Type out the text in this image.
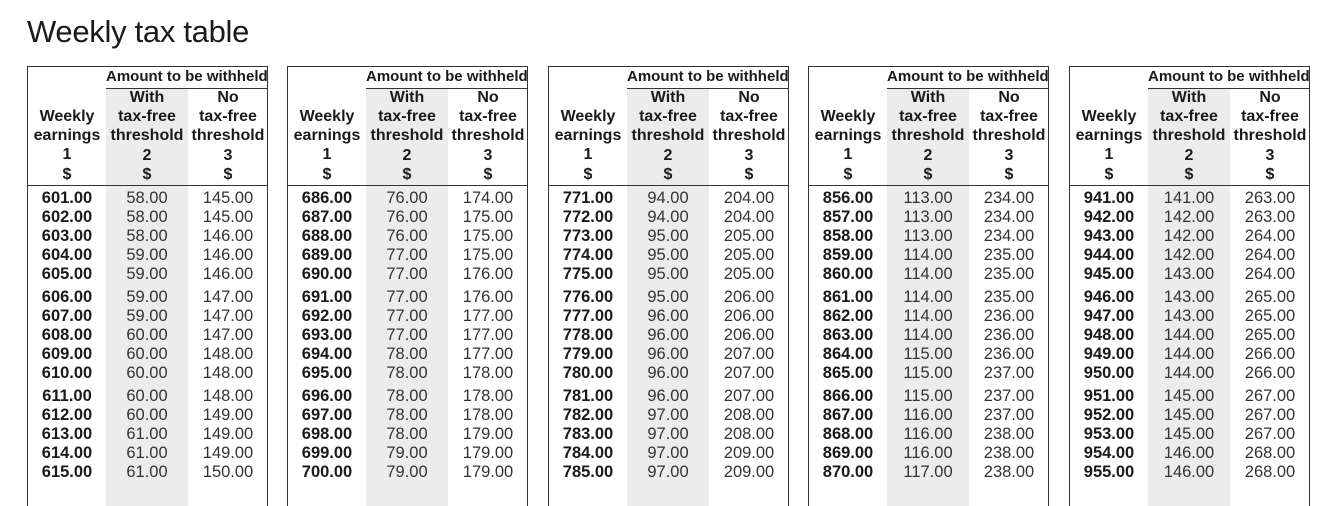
Weekly tax table
Amount to be withheld
Weekly
earnings
1
$
With
tax-free
threshold
2
$
No
tax-free
threshold
3
$
601.00	58.00	145.00
602.00	58.00	145.00
603.00	58.00	146.00
604.00	59.00	146.00
605.00	59.00	146.00
606.00	59.00	147.00
607.00	59.00	147.00
608.00	60.00	147.00
609.00	60.00	148.00
610.00	60.00	148.00
611.00	60.00	148.00
612.00	60.00	149.00
613.00	61.00	149.00
614.00	61.00	149.00
615.00	61.00	150.00
Amount to be withheld
Weekly
earnings
1
$
With
tax-free
threshold
2
$
No
tax-free
threshold
3
$
686.00	76.00	174.00
687.00	76.00	175.00
688.00	76.00	175.00
689.00	77.00	175.00
690.00	77.00	176.00
691.00	77.00	176.00
692.00	77.00	177.00
693.00	77.00	177.00
694.00	78.00	177.00
695.00	78.00	178.00
696.00	78.00	178.00
697.00	78.00	178.00
698.00	78.00	179.00
699.00	79.00	179.00
700.00	79.00	179.00
Amount to be withheld
Weekly
earnings
1
$
With
tax-free
threshold
2
$
No
tax-free
threshold
3
$
771.00	94.00	204.00
772.00	94.00	204.00
773.00	95.00	205.00
774.00	95.00	205.00
775.00	95.00	205.00
776.00	95.00	206.00
777.00	96.00	206.00
778.00	96.00	206.00
779.00	96.00	207.00
780.00	96.00	207.00
781.00	96.00	207.00
782.00	97.00	208.00
783.00	97.00	208.00
784.00	97.00	209.00
785.00	97.00	209.00
Amount to be withheld
Weekly
earnings
1
$
With
tax-free
threshold
2
$
No
tax-free
threshold
3
$
856.00	113.00	234.00
857.00	113.00	234.00
858.00	113.00	234.00
859.00	114.00	235.00
860.00	114.00	235.00
861.00	114.00	235.00
862.00	114.00	236.00
863.00	114.00	236.00
864.00	115.00	236.00
865.00	115.00	237.00
866.00	115.00	237.00
867.00	116.00	237.00
868.00	116.00	238.00
869.00	116.00	238.00
870.00	117.00	238.00
Amount to be withheld
Weekly
earnings
1
$
With
tax-free
threshold
2
$
No
tax-free
threshold
3
$
941.00	141.00	263.00
942.00	142.00	263.00
943.00	142.00	264.00
944.00	142.00	264.00
945.00	143.00	264.00
946.00	143.00	265.00
947.00	143.00	265.00
948.00	144.00	265.00
949.00	144.00	266.00
950.00	144.00	266.00
951.00	145.00	267.00
952.00	145.00	267.00
953.00	145.00	267.00
954.00	146.00	268.00
955.00	146.00	268.00
